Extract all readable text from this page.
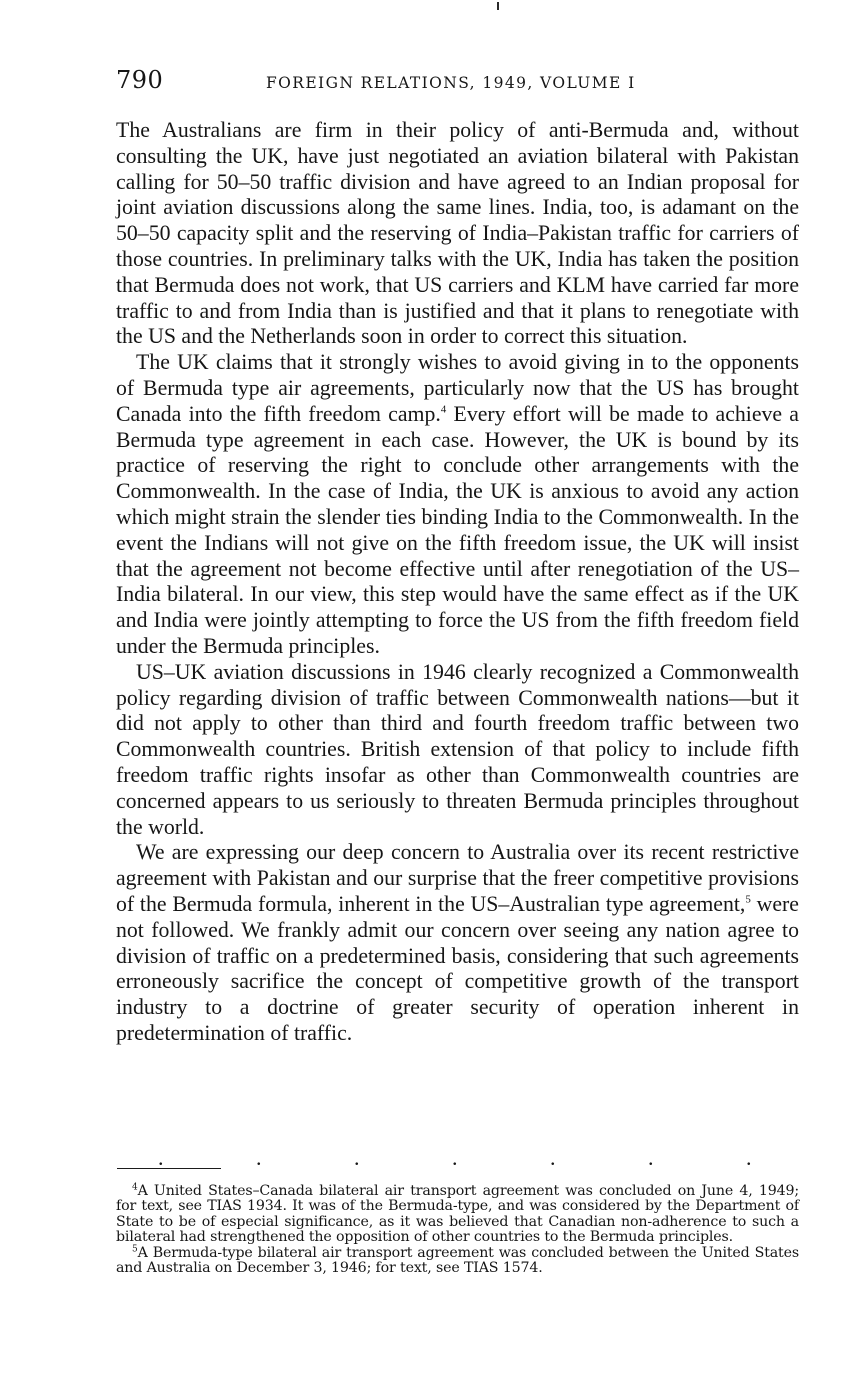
790	FOREIGN RELATIONS, 1949, VOLUME I

The Australians are firm in their policy of anti-Bermuda and, without consulting the UK, have just negotiated an aviation bilateral with Pakistan calling for 50–50 traffic division and have agreed to an Indian proposal for joint aviation discussions along the same lines. India, too, is adamant on the 50–50 capacity split and the reserving of India–Pakistan traffic for carriers of those countries. In preliminary talks with the UK, India has taken the position that Bermuda does not work, that US carriers and KLM have carried far more traffic to and from India than is justified and that it plans to renegotiate with the US and the Netherlands soon in order to correct this situation.

The UK claims that it strongly wishes to avoid giving in to the opponents of Bermuda type air agreements, particularly now that the US has brought Canada into the fifth freedom camp.$^4$ Every effort will be made to achieve a Bermuda type agreement in each case. However, the UK is bound by its practice of reserving the right to conclude other arrangements with the Commonwealth. In the case of India, the UK is anxious to avoid any action which might strain the slender ties binding India to the Commonwealth. In the event the Indians will not give on the fifth freedom issue, the UK will insist that the agreement not become effective until after renegotiation of the US–India bilateral. In our view, this step would have the same effect as if the UK and India were jointly attempting to force the US from the fifth freedom field under the Bermuda principles.

US–UK aviation discussions in 1946 clearly recognized a Commonwealth policy regarding division of traffic between Commonwealth nations—but it did not apply to other than third and fourth freedom traffic between two Commonwealth countries. British extension of that policy to include fifth freedom traffic rights insofar as other than Commonwealth countries are concerned appears to us seriously to threaten Bermuda principles throughout the world.

We are expressing our deep concern to Australia over its recent restrictive agreement with Pakistan and our surprise that the freer competitive provisions of the Bermuda formula, inherent in the US–Australian type agreement,$^5$ were not followed. We frankly admit our concern over seeing any nation agree to division of traffic on a predetermined basis, considering that such agreements erroneously sacrifice the concept of competitive growth of the transport industry to a doctrine of greater security of operation inherent in predetermination of traffic.

.	.	.	.	.	.	.

$^4$A United States–Canada bilateral air transport agreement was concluded on June 4, 1949; for text, see TIAS 1934. It was of the Bermuda-type, and was considered by the Department of State to be of especial significance, as it was believed that Canadian non-adherence to such a bilateral had strengthened the opposition of other countries to the Bermuda principles.

$^5$A Bermuda-type bilateral air transport agreement was concluded between the United States and Australia on December 3, 1946; for text, see TIAS 1574.
